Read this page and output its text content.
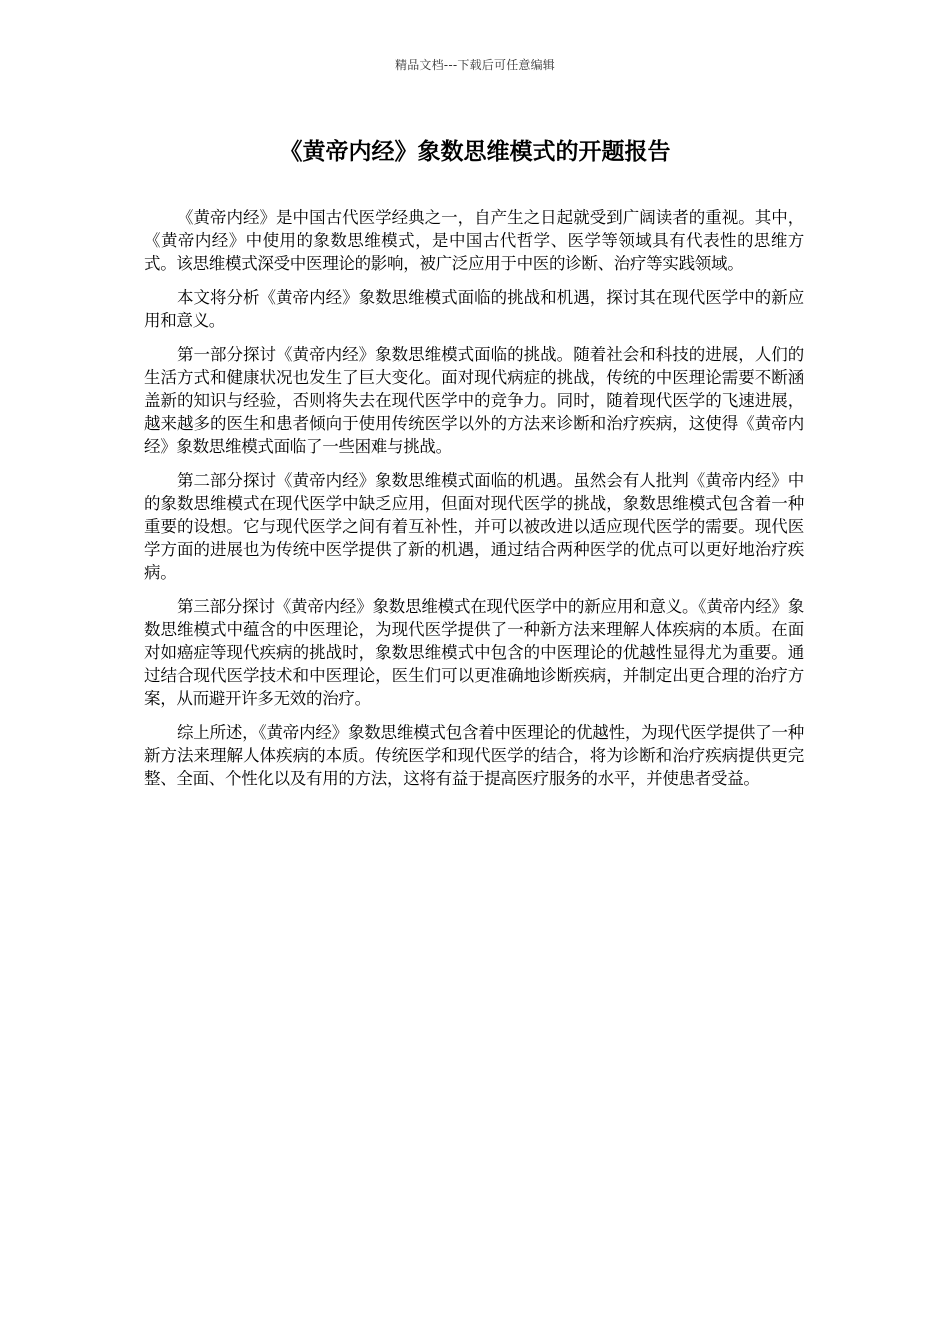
精品文档---下载后可任意编辑
《黄帝内经》象数思维模式的开题报告

《黄帝内经》是中国古代医学经典之一，自产生之日起就受到广阔读者的重视。其中，《黄帝内经》中使用的象数思维模式，是中国古代哲学、医学等领域具有代表性的思维方式。该思维模式深受中医理论的影响，被广泛应用于中医的诊断、治疗等实践领域。

本文将分析《黄帝内经》象数思维模式面临的挑战和机遇，探讨其在现代医学中的新应用和意义。

第一部分探讨《黄帝内经》象数思维模式面临的挑战。随着社会和科技的进展，人们的生活方式和健康状况也发生了巨大变化。面对现代病症的挑战，传统的中医理论需要不断涵盖新的知识与经验，否则将失去在现代医学中的竞争力。同时，随着现代医学的飞速进展，越来越多的医生和患者倾向于使用传统医学以外的方法来诊断和治疗疾病，这使得《黄帝内经》象数思维模式面临了一些困难与挑战。

第二部分探讨《黄帝内经》象数思维模式面临的机遇。虽然会有人批判《黄帝内经》中的象数思维模式在现代医学中缺乏应用，但面对现代医学的挑战，象数思维模式包含着一种重要的设想。它与现代医学之间有着互补性，并可以被改进以适应现代医学的需要。现代医学方面的进展也为传统中医学提供了新的机遇，通过结合两种医学的优点可以更好地治疗疾病。

第三部分探讨《黄帝内经》象数思维模式在现代医学中的新应用和意义。《黄帝内经》象数思维模式中蕴含的中医理论，为现代医学提供了一种新方法来理解人体疾病的本质。在面对如癌症等现代疾病的挑战时，象数思维模式中包含的中医理论的优越性显得尤为重要。通过结合现代医学技术和中医理论，医生们可以更准确地诊断疾病，并制定出更合理的治疗方案，从而避开许多无效的治疗。

综上所述，《黄帝内经》象数思维模式包含着中医理论的优越性，为现代医学提供了一种新方法来理解人体疾病的本质。传统医学和现代医学的结合，将为诊断和治疗疾病提供更完整、全面、个性化以及有用的方法，这将有益于提高医疗服务的水平，并使患者受益。
